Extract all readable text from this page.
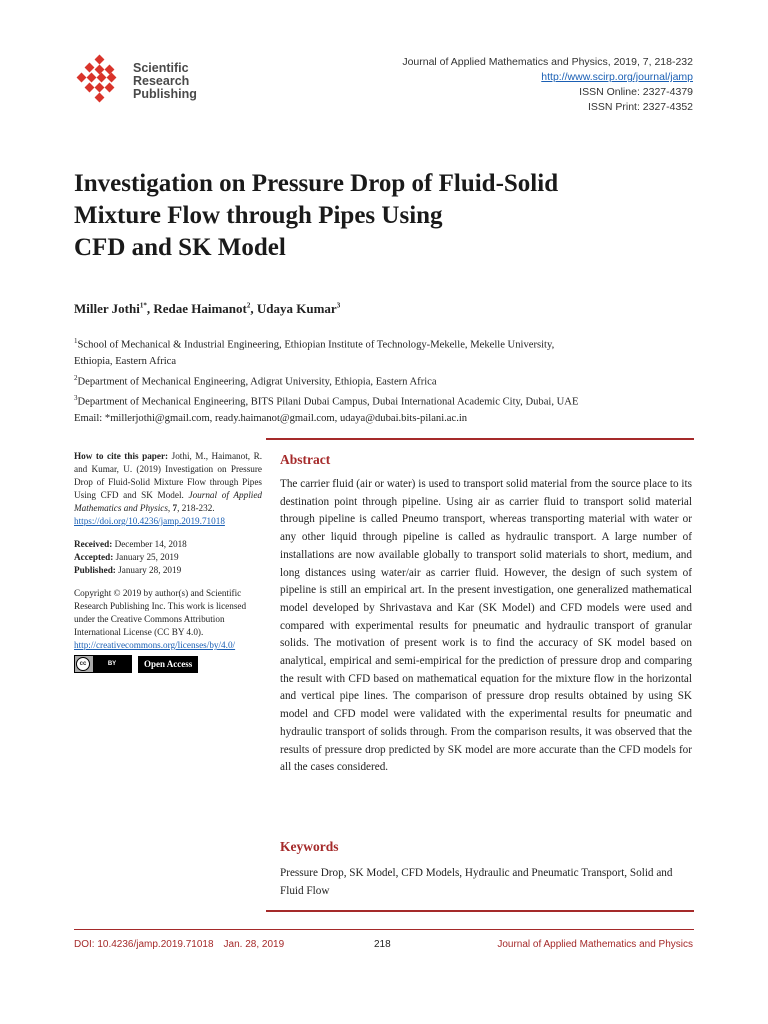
Scientific
Research
Publishing
Journal of Applied Mathematics and Physics, 2019, 7, 218-232
http://www.scirp.org/journal/jamp
ISSN Online: 2327-4379
ISSN Print: 2327-4352
Investigation on Pressure Drop of Fluid-Solid
Mixture Flow through Pipes Using
CFD and SK Model
Miller Jothi$^{1*}$, Redae Haimanot$^2$, Udaya Kumar$^3$
$^1$School of Mechanical & Industrial Engineering, Ethiopian Institute of Technology-Mekelle, Mekelle University,
Ethiopia, Eastern Africa
$^2$Department of Mechanical Engineering, Adigrat University, Ethiopia, Eastern Africa
$^3$Department of Mechanical Engineering, BITS Pilani Dubai Campus, Dubai International Academic City, Dubai, UAE
Email: *millerjothi@gmail.com, ready.haimanot@gmail.com, udaya@dubai.bits-pilani.ac.in
How to cite this paper: Jothi, M., Haimanot, R. and Kumar, U. (2019) Investigation on Pressure Drop of Fluid-Solid Mixture Flow through Pipes Using CFD and SK Model. Journal of Applied Mathematics and Physics, 7, 218-232.
https://doi.org/10.4236/jamp.2019.71018
Received: December 14, 2018
Accepted: January 25, 2019
Published: January 28, 2019
Copyright © 2019 by author(s) and Scientific Research Publishing Inc. This work is licensed under the Creative Commons Attribution International License (CC BY 4.0).
http://creativecommons.org/licenses/by/4.0/
cc	BY	Open Access
Abstract
The carrier fluid (air or water) is used to transport solid material from the source place to its destination point through pipeline. Using air as carrier fluid to transport solid material through pipeline is called Pneumo transport, whereas transporting material with water or any other liquid through pipeline is called as hydraulic transport. A large number of installations are now available globally to transport solid materials to short, medium, and long distances using water/air as carrier fluid. However, the design of such system of pipeline is still an empirical art. In the present investigation, one generalized mathematical model developed by Shrivastava and Kar (SK Model) and CFD models were used and compared with experimental results for pneumatic and hydraulic transport of granular solids. The motivation of present work is to find the accuracy of SK model based on analytical, empirical and semi-empirical for the prediction of pressure drop and comparing the result with CFD based on mathematical equation for the mixture flow in the horizontal and vertical pipe lines. The comparison of pressure drop results obtained by using SK model and CFD model were validated with the experimental results for pneumatic and hydraulic transport of solids through. From the comparison results, it was observed that the results of pressure drop predicted by SK model are more accurate than the CFD models for all the cases considered.
Keywords
Pressure Drop, SK Model, CFD Models, Hydraulic and Pneumatic Transport, Solid and Fluid Flow
DOI: 10.4236/jamp.2019.71018 Jan. 28, 2019	218	Journal of Applied Mathematics and Physics
